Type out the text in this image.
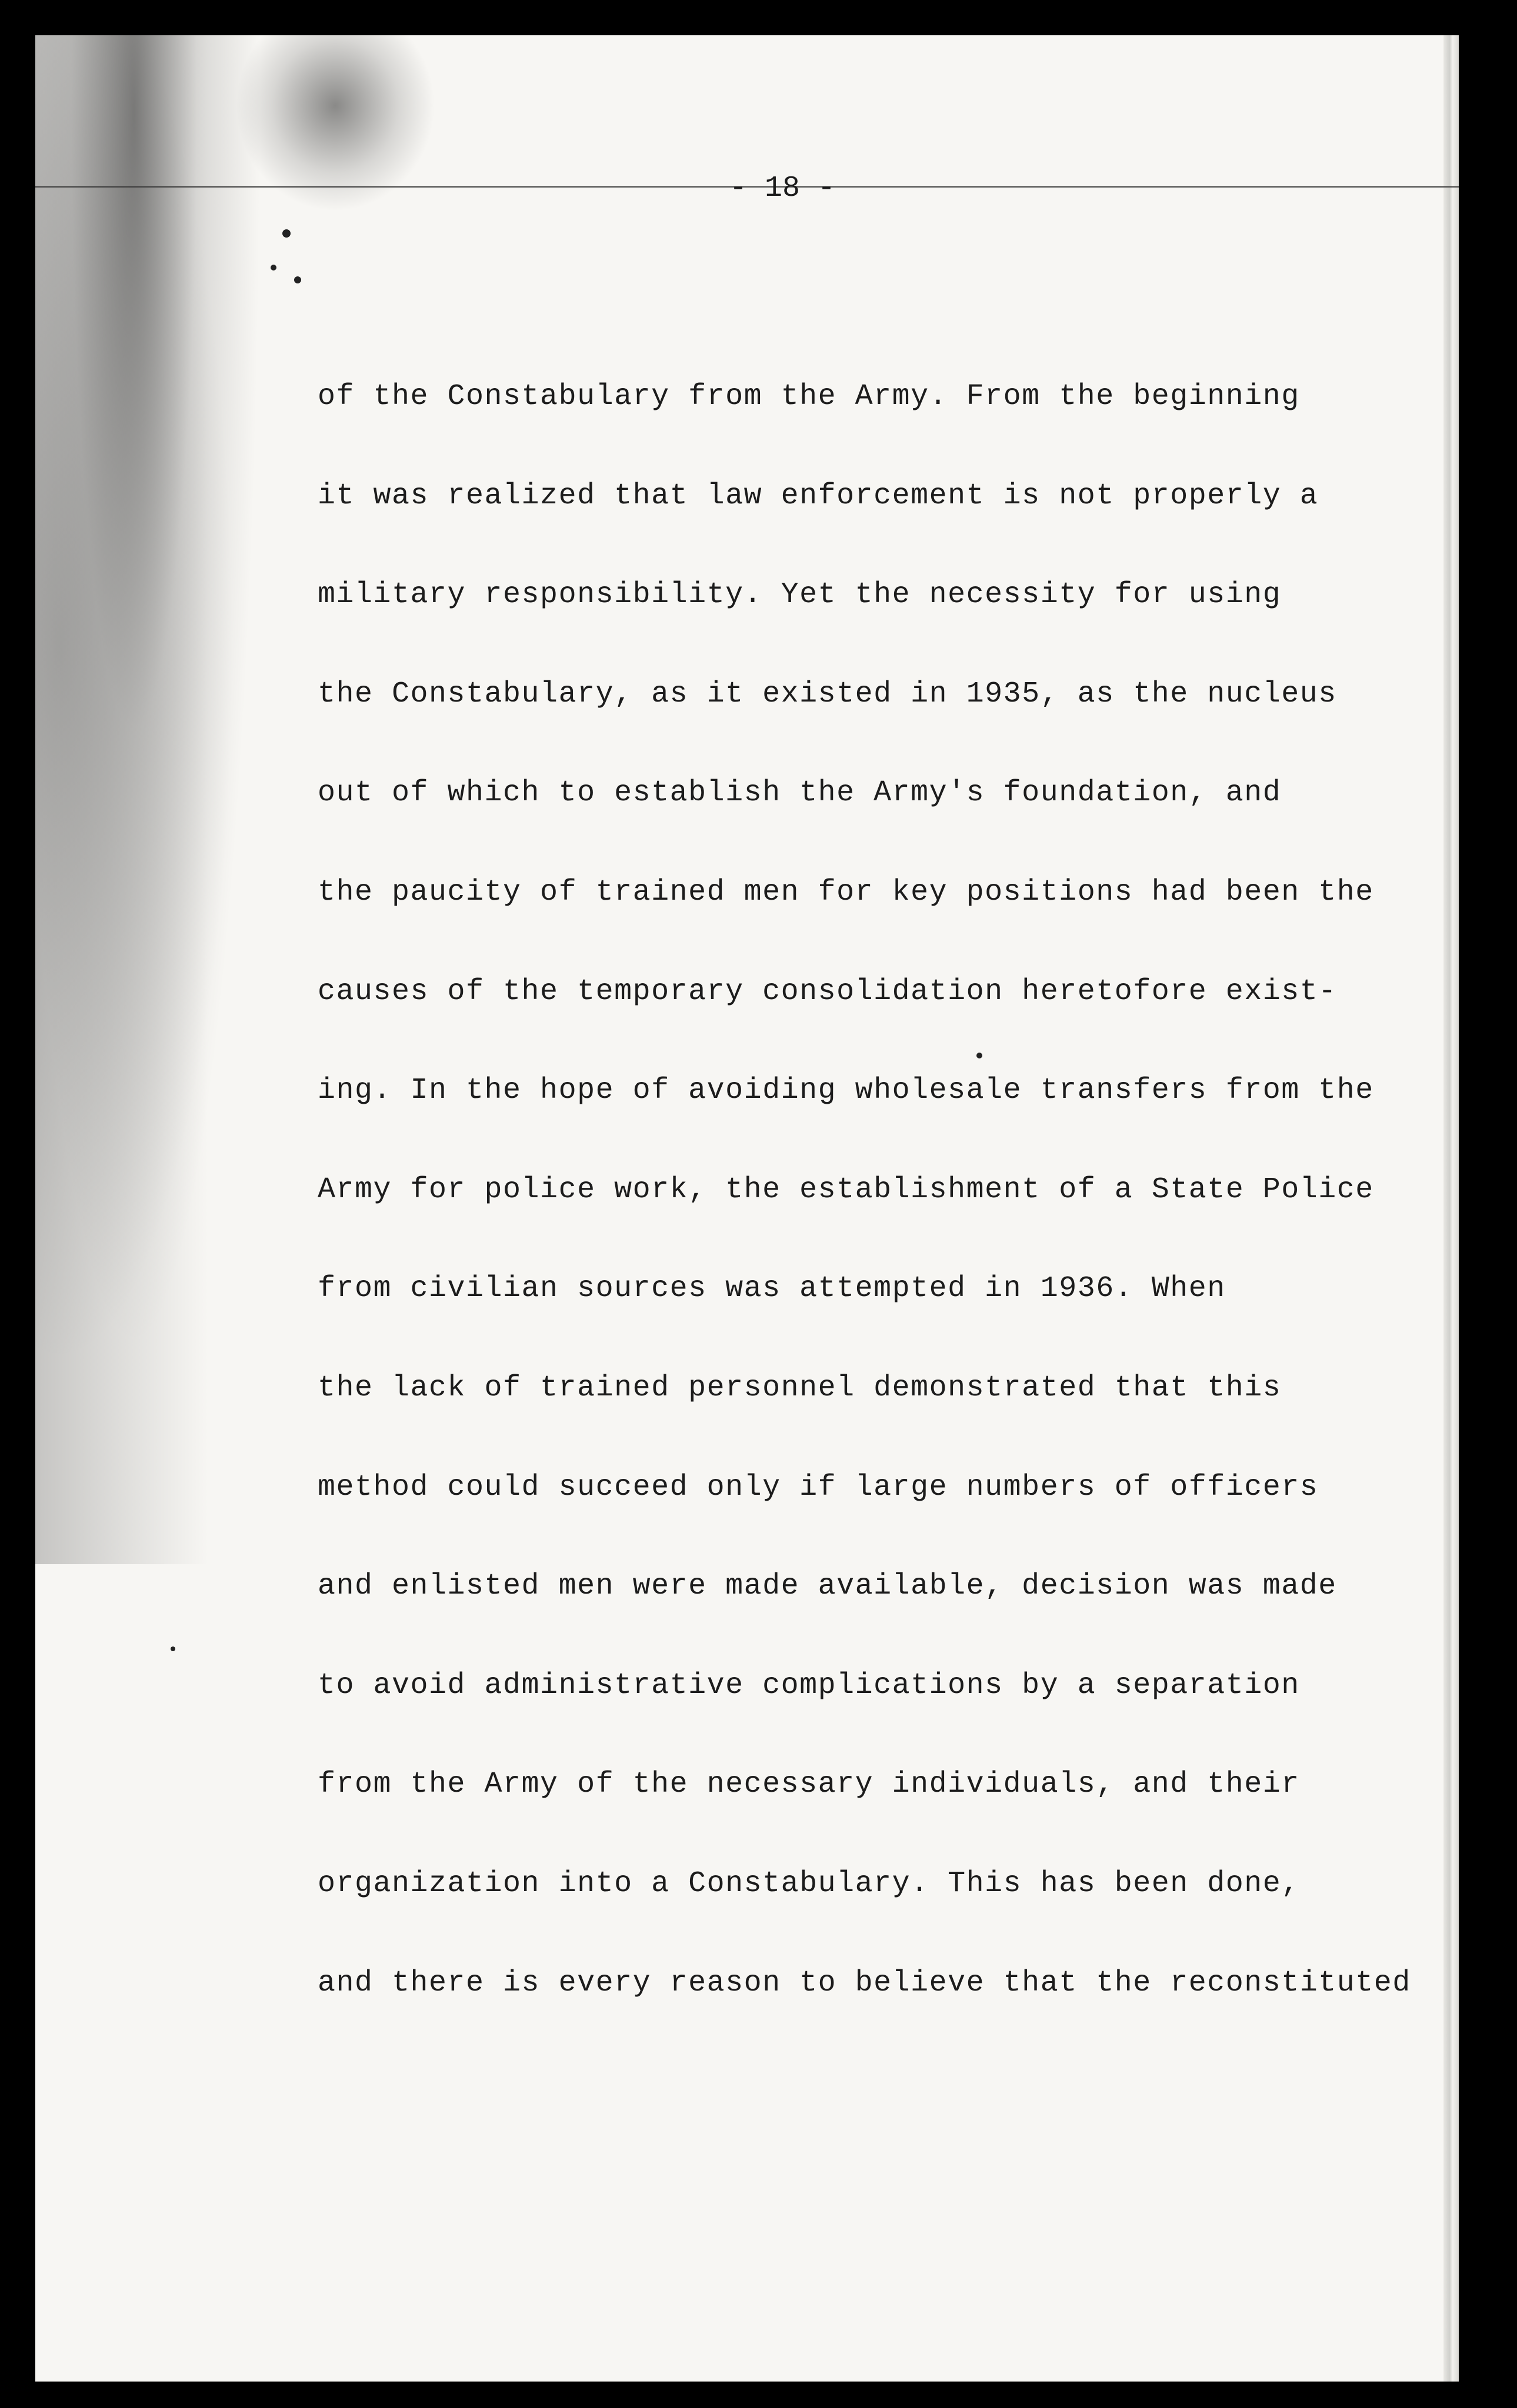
- 18 -
of the Constabulary from the Army. From the beginning
it was realized that law enforcement is not properly a
military responsibility. Yet the necessity for using
the Constabulary, as it existed in 1935, as the nucleus
out of which to establish the Army's foundation, and
the paucity of trained men for key positions had been the
causes of the temporary consolidation heretofore exist-
ing. In the hope of avoiding wholesale transfers from the
Army for police work, the establishment of a State Police
from civilian sources was attempted in 1936. When
the lack of trained personnel demonstrated that this
method could succeed only if large numbers of officers
and enlisted men were made available, decision was made
to avoid administrative complications by a separation
from the Army of the necessary individuals, and their
organization into a Constabulary. This has been done,
and there is every reason to believe that the reconstituted
